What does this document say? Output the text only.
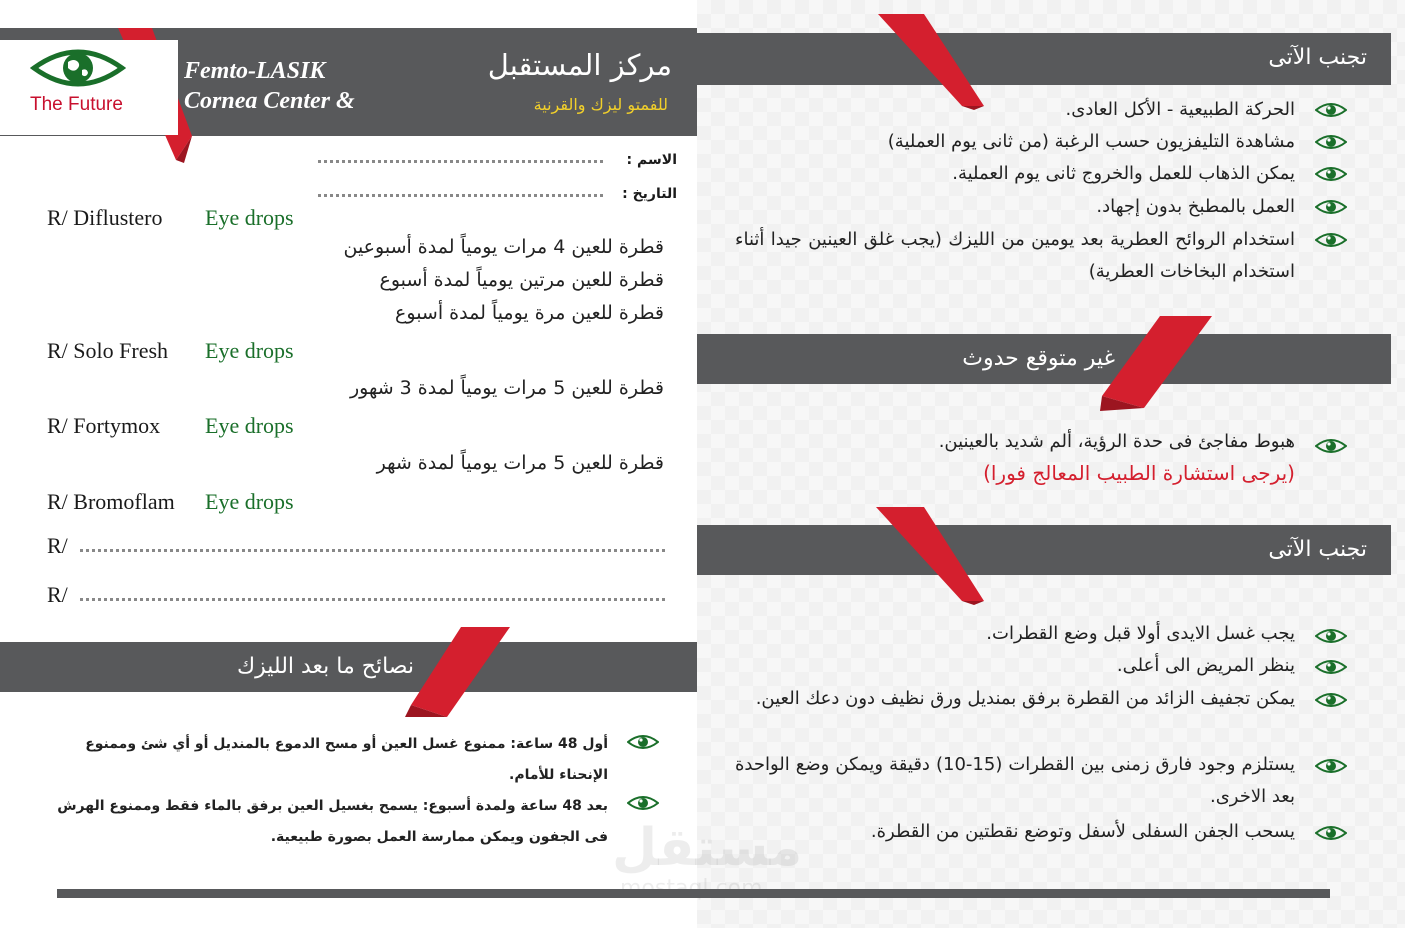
The Future
Femto-LASIK
Cornea Center &
مركز المستقبل
للفمتو ليزك والقرنية
الاسم :
التاريخ :
R/ Diflustero Eye drops
قطرة للعين 4 مرات يومياً لمدة أسبوعين
قطرة للعين مرتين يومياً لمدة أسبوع
قطرة للعين مرة يومياً لمدة أسبوع
R/ Solo Fresh Eye drops
قطرة للعين 5 مرات يومياً لمدة 3 شهور
R/ Fortymox Eye drops
قطرة للعين 5 مرات يومياً لمدة شهر
R/ Bromoflam Eye drops
R/
R/
نصائح ما بعد الليزك
أول 48 ساعة: ممنوع غسل العين أو مسح الدموع بالمنديل أو أي شئ وممنوع الإنحناء للأمام.
بعد 48 ساعة ولمدة أسبوع: يسمح بغسيل العين برفق بالماء فقط وممنوع الهرش فى الجفون ويمكن ممارسة العمل بصورة طبيعية.
تجنب الآتى
الحركة الطبيعية - الأكل العادى.
مشاهدة التليفزيون حسب الرغبة (من ثانى يوم العملية)
يمكن الذهاب للعمل والخروج ثانى يوم العملية.
العمل بالمطبخ بدون إجهاد.
استخدام الروائح العطرية بعد يومين من الليزك (يجب غلق العينين جيدا أثناء استخدام البخاخات العطرية)
غير متوقع حدوث
هبوط مفاجئ فى حدة الرؤية، ألم شديد بالعينين.
(يرجى استشارة الطبيب المعالج فورا)
تجنب الآتى
يجب غسل الايدى أولا قبل وضع القطرات.
ينظر المريض الى أعلى.
يمكن تجفيف الزائد من القطرة برفق بمنديل ورق نظيف دون دعك العين.
يستلزم وجود فارق زمنى بين القطرات (15-10) دقيقة ويمكن وضع الواحدة بعد الاخرى.
يسحب الجفن السفلى لأسفل وتوضع نقطتين من القطرة.
مستقل
